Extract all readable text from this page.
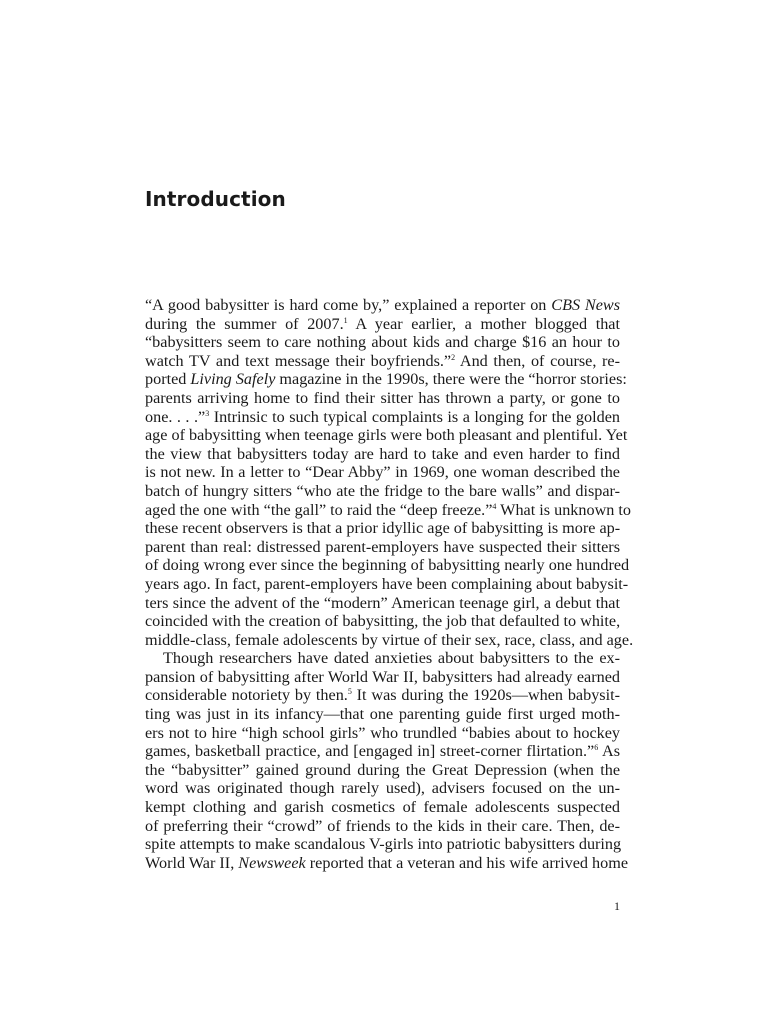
Introduction
“A good babysitter is hard come by,” explained a reporter on CBS News
during the summer of 2007.$^1$ A year earlier, a mother blogged that
“babysitters seem to care nothing about kids and charge $16 an hour to
watch TV and text message their boyfriends.”$^2$ And then, of course, re-
ported Living Safely magazine in the 1990s, there were the “horror stories:
parents arriving home to find their sitter has thrown a party, or gone to
one. . . .”$^3$ Intrinsic to such typical complaints is a longing for the golden
age of babysitting when teenage girls were both pleasant and plentiful. Yet
the view that babysitters today are hard to take and even harder to find
is not new. In a letter to “Dear Abby” in 1969, one woman described the
batch of hungry sitters “who ate the fridge to the bare walls” and dispar-
aged the one with “the gall” to raid the “deep freeze.”$^4$ What is unknown to
these recent observers is that a prior idyllic age of babysitting is more ap-
parent than real: distressed parent-employers have suspected their sitters
of doing wrong ever since the beginning of babysitting nearly one hundred
years ago. In fact, parent-employers have been complaining about babysit-
ters since the advent of the “modern” American teenage girl, a debut that
coincided with the creation of babysitting, the job that defaulted to white,
middle-class, female adolescents by virtue of their sex, race, class, and age.
Though researchers have dated anxieties about babysitters to the ex-
pansion of babysitting after World War II, babysitters had already earned
considerable notoriety by then.$^5$ It was during the 1920s—when babysit-
ting was just in its infancy—that one parenting guide first urged moth-
ers not to hire “high school girls” who trundled “babies about to hockey
games, basketball practice, and [engaged in] street-corner flirtation.”$^6$ As
the “babysitter” gained ground during the Great Depression (when the
word was originated though rarely used), advisers focused on the un-
kempt clothing and garish cosmetics of female adolescents suspected
of preferring their “crowd” of friends to the kids in their care. Then, de-
spite attempts to make scandalous V-girls into patriotic babysitters during
World War II, Newsweek reported that a veteran and his wife arrived home
1
